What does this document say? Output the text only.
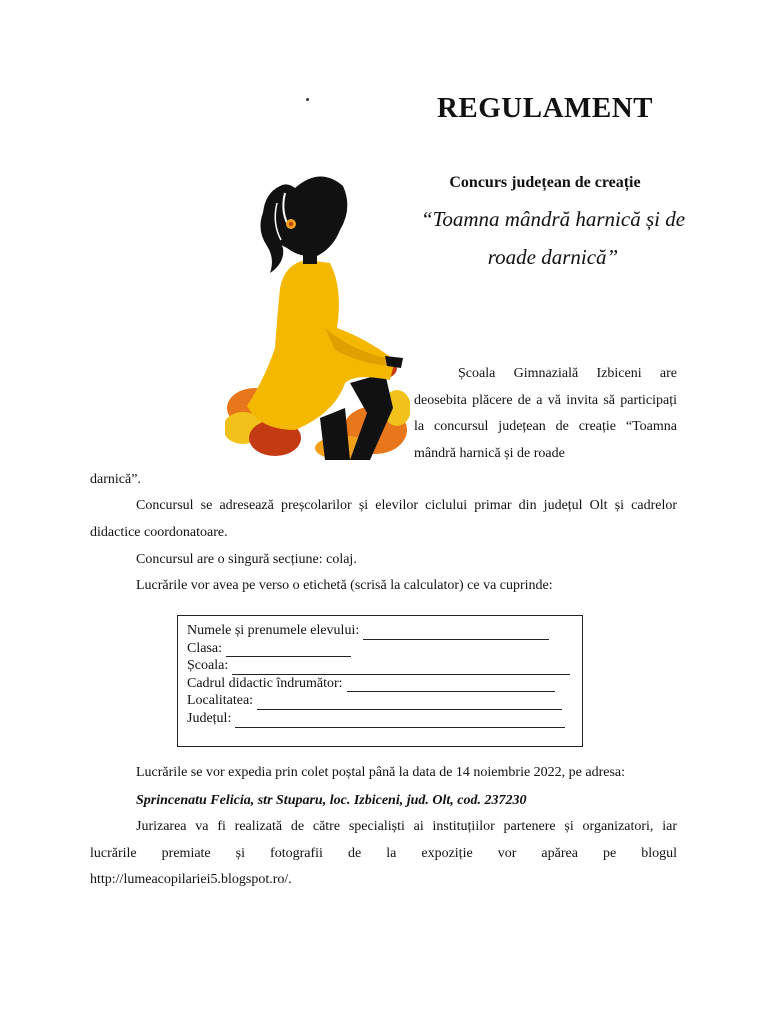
REGULAMENT
Concurs județean de creație
“Toamna mândră harnică și de
roade darnică”
Școala Gimnazială Izbiceni are deosebita plăcere de a vă invita să participați la concursul județean de creație “Toamna mândră harnică și de roade
darnică”.
Concursul se adresează preșcolarilor și elevilor ciclului primar din județul Olt și cadrelor didactice coordonatoare.
Concursul are o singură secțiune: colaj.
Lucrările vor avea pe verso o etichetă (scrisă la calculator) ce va cuprinde:
Numele și prenumele elevului:
Clasa:
Școala:
Cadrul didactic îndrumător:
Localitatea:
Județul:
Lucrările se vor expedia prin colet poștal până la data de 14 noiembrie 2022, pe adresa:
Sprincenatu Felicia, str Stuparu, loc. Izbiceni, jud. Olt, cod. 237230
Jurizarea va fi realizată de către specialiști ai instituțiilor partenere și organizatori, iar
lucrările premiate și fotografii de la expoziție vor apărea pe blogul
http://lumeacopilariei5.blogspot.ro/.
